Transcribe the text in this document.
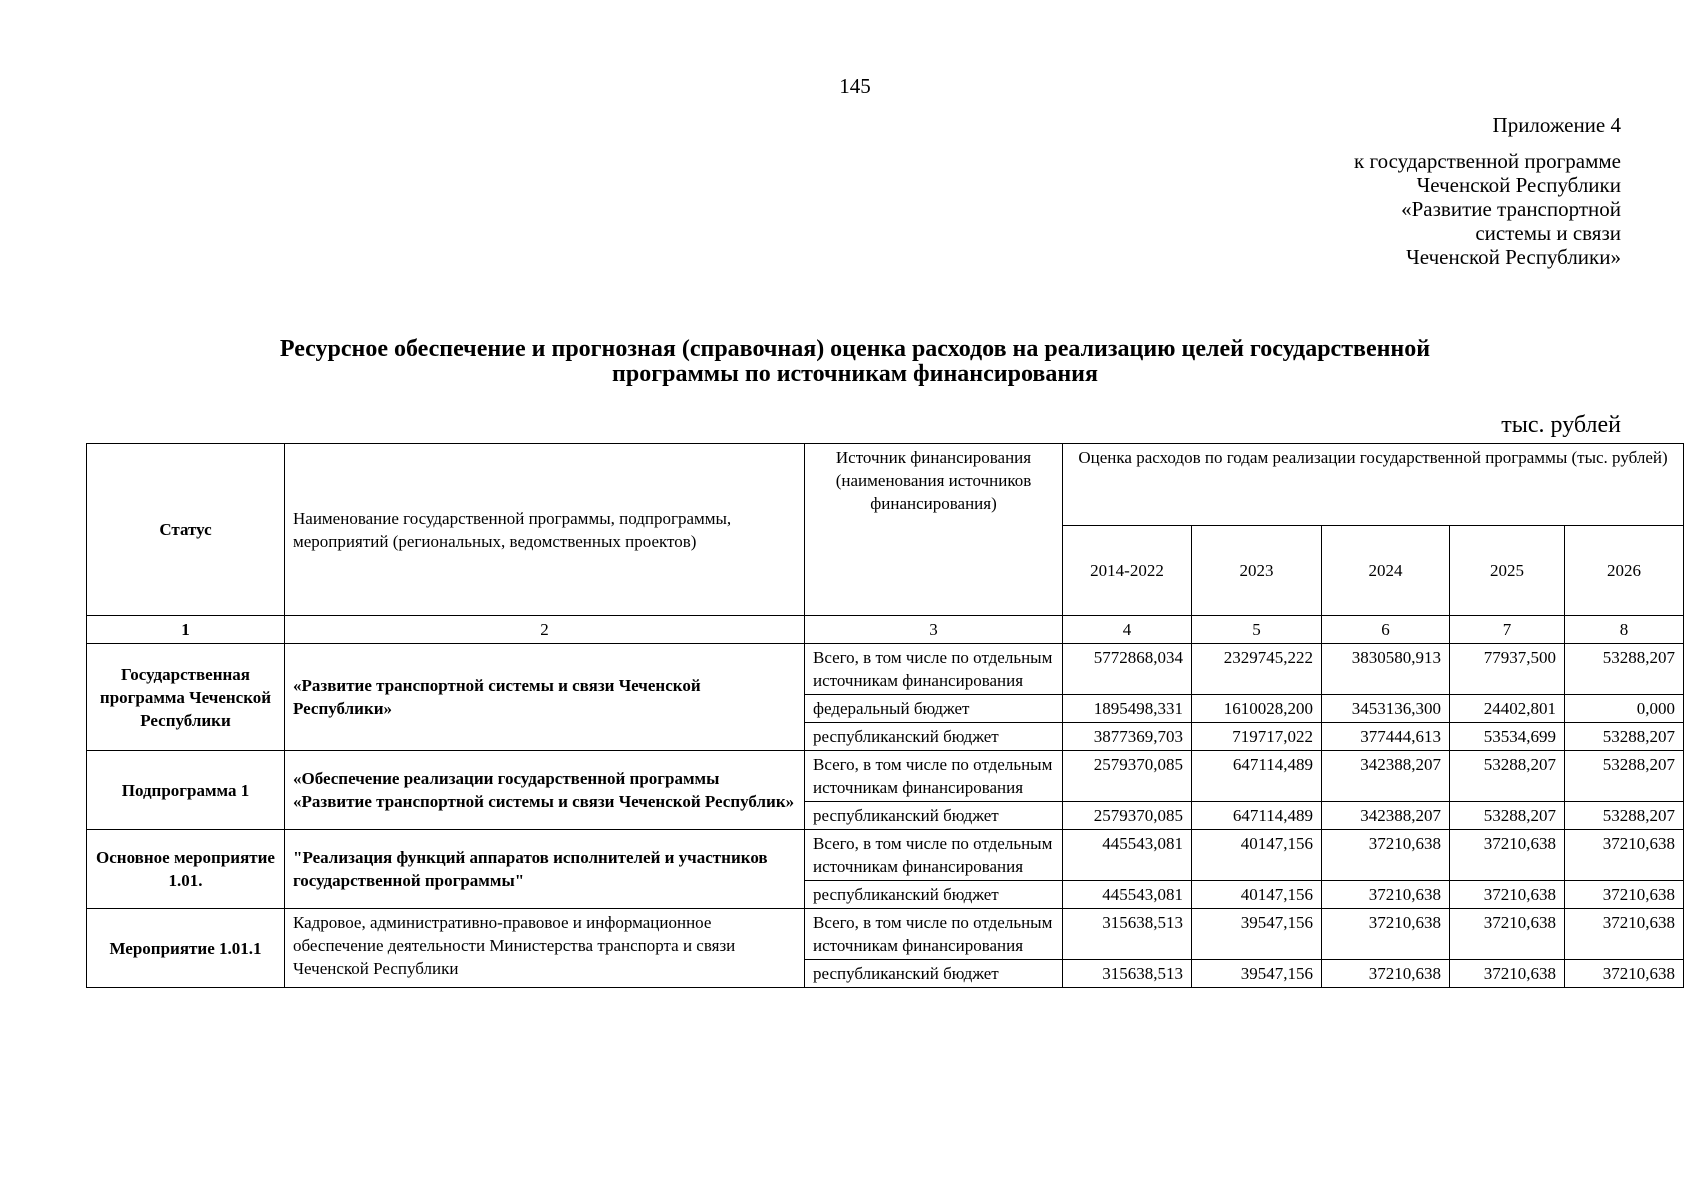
145
Приложение 4
к государственной программе
Чеченской Республики
«Развитие транспортной
системы и связи
Чеченской Республики»
Ресурсное обеспечение и прогнозная (справочная) оценка расходов на реализацию целей государственной
программы по источникам финансирования
тыс. рублей
Статус	Наименование государственной программы, подпрограммы, мероприятий (региональных, ведомственных проектов)	Источник финансирования (наименования источников финансирования)	Оценка расходов по годам реализации государственной программы (тыс. рублей)				
			2014-2022	2023	2024	2025	2026
1	2	3	4	5	6	7	8
Государственная программа Чеченской Республики	«Развитие транспортной системы и связи Чеченской Республики»	Всего, в том числе по отдельным источникам финансирования	5772868,034	2329745,222	3830580,913	77937,500	53288,207
		федеральный бюджет	1895498,331	1610028,200	3453136,300	24402,801	0,000
		республиканский бюджет	3877369,703	719717,022	377444,613	53534,699	53288,207
Подпрограмма 1	«Обеспечение реализации государственной программы «Развитие транспортной системы и связи Чеченской Республик»	Всего, в том числе по отдельным источникам финансирования	2579370,085	647114,489	342388,207	53288,207	53288,207
		республиканский бюджет	2579370,085	647114,489	342388,207	53288,207	53288,207
Основное мероприятие 1.01.	"Реализация функций аппаратов исполнителей и участников государственной программы"	Всего, в том числе по отдельным источникам финансирования	445543,081	40147,156	37210,638	37210,638	37210,638
		республиканский бюджет	445543,081	40147,156	37210,638	37210,638	37210,638
Мероприятие 1.01.1	Кадровое, административно-правовое и информационное обеспечение деятельности Министерства транспорта и связи Чеченской Республики	Всего, в том числе по отдельным источникам финансирования	315638,513	39547,156	37210,638	37210,638	37210,638
		республиканский бюджет	315638,513	39547,156	37210,638	37210,638	37210,638
